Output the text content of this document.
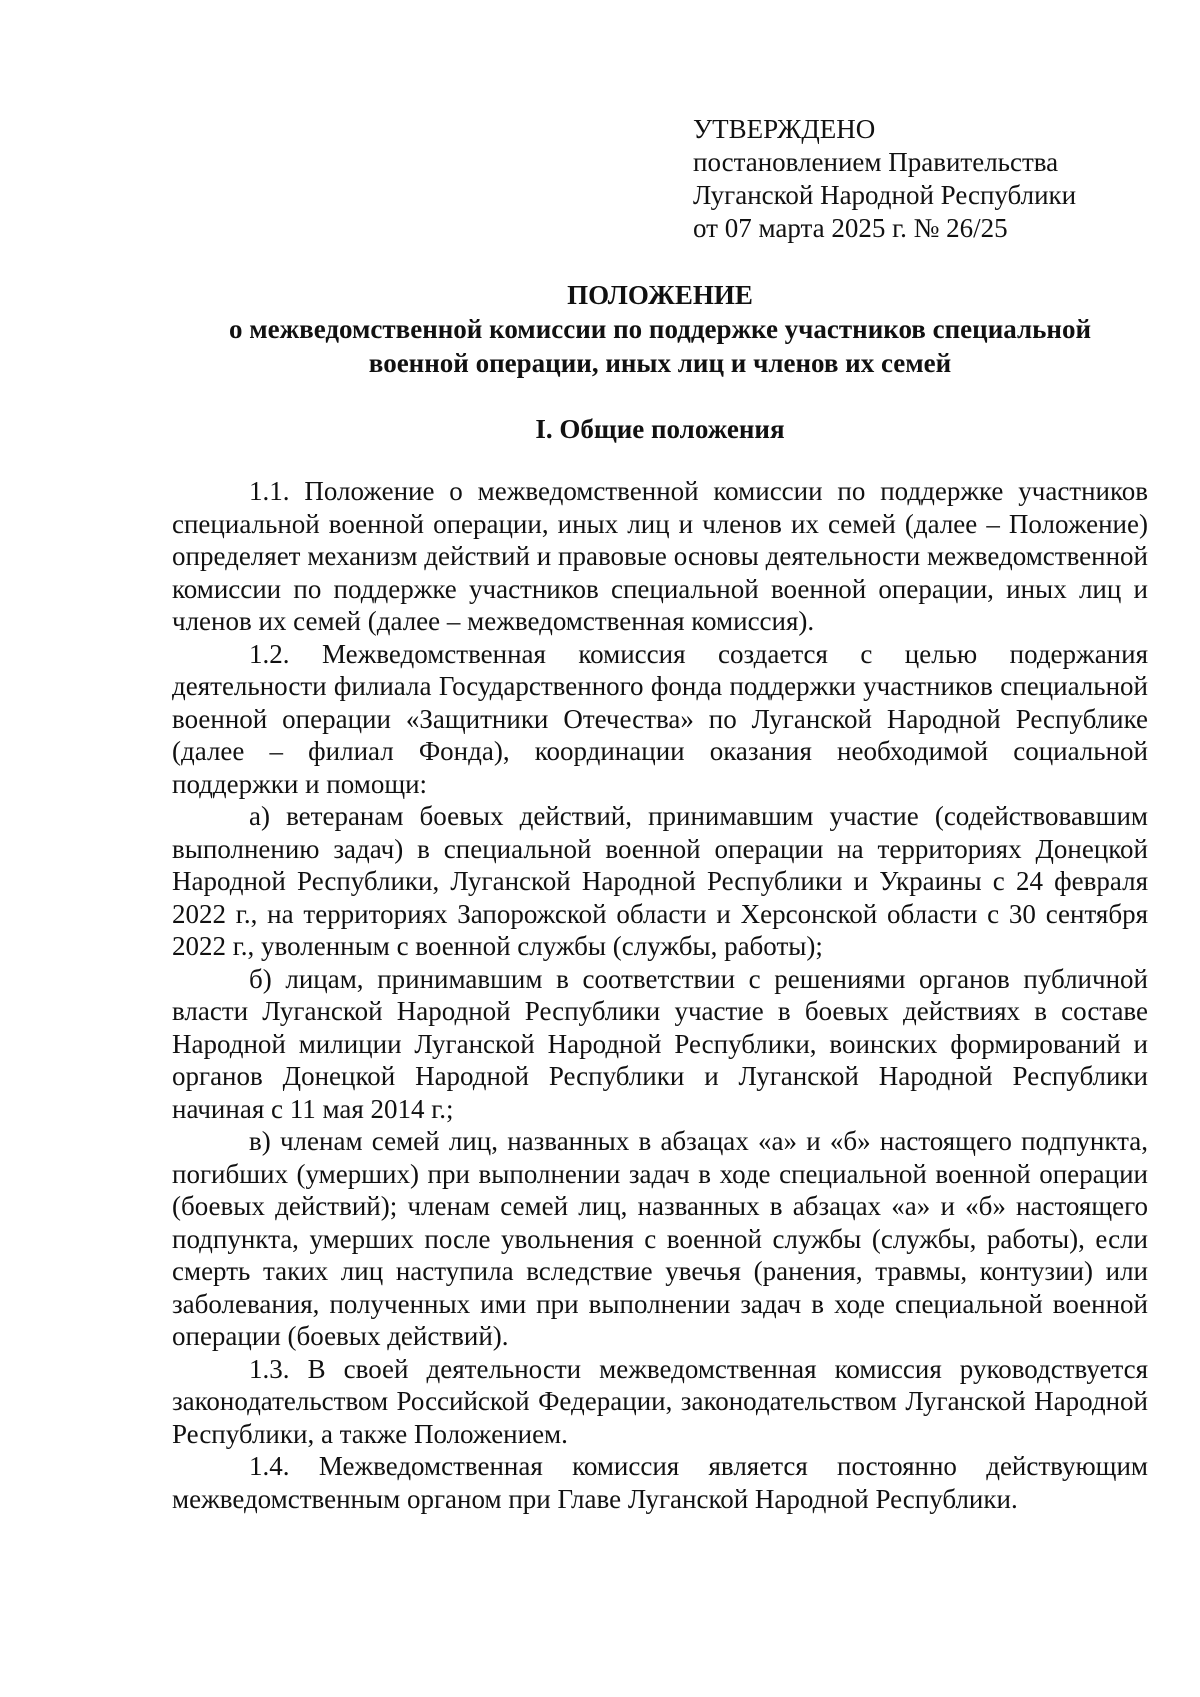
УТВЕРЖДЕНО
постановлением Правительства
Луганской Народной Республики
от 07 марта 2025 г. № 26/25
ПОЛОЖЕНИЕ
о межведомственной комиссии по поддержке участников специальной
военной операции, иных лиц и членов их семей
I. Общие положения

1.1. Положение о межведомственной комиссии по поддержке участников специальной военной операции, иных лиц и членов их семей (далее – Положение) определяет механизм действий и правовые основы деятельности межведомственной комиссии по поддержке участников специальной военной операции, иных лиц и членов их семей (далее – межведомственная комиссия).

1.2. Межведомственная комиссия создается с целью подержания деятельности филиала Государственного фонда поддержки участников специальной военной операции «Защитники Отечества» по Луганской Народной Республике (далее – филиал Фонда), координации оказания необходимой социальной поддержки и помощи:

а) ветеранам боевых действий, принимавшим участие (содействовавшим выполнению задач) в специальной военной операции на территориях Донецкой Народной Республики, Луганской Народной Республики и Украины с 24 февраля 2022 г., на территориях Запорожской области и Херсонской области с 30 сентября 2022 г., уволенным с военной службы (службы, работы);

б) лицам, принимавшим в соответствии с решениями органов публичной власти Луганской Народной Республики участие в боевых действиях в составе Народной милиции Луганской Народной Республики, воинских формирований и органов Донецкой Народной Республики и Луганской Народной Республики начиная с 11 мая 2014 г.;

в) членам семей лиц, названных в абзацах «а» и «б» настоящего подпункта, погибших (умерших) при выполнении задач в ходе специальной военной операции (боевых действий); членам семей лиц, названных в абзацах «а» и «б» настоящего подпункта, умерших после увольнения с военной службы (службы, работы), если смерть таких лиц наступила вследствие увечья (ранения, травмы, контузии) или заболевания, полученных ими при выполнении задач в ходе специальной военной операции (боевых действий).

1.3. В своей деятельности межведомственная комиссия руководствуется законодательством Российской Федерации, законодательством Луганской Народной Республики, а также Положением.

1.4. Межведомственная комиссия является постоянно действующим межведомственным органом при Главе Луганской Народной Республики.
